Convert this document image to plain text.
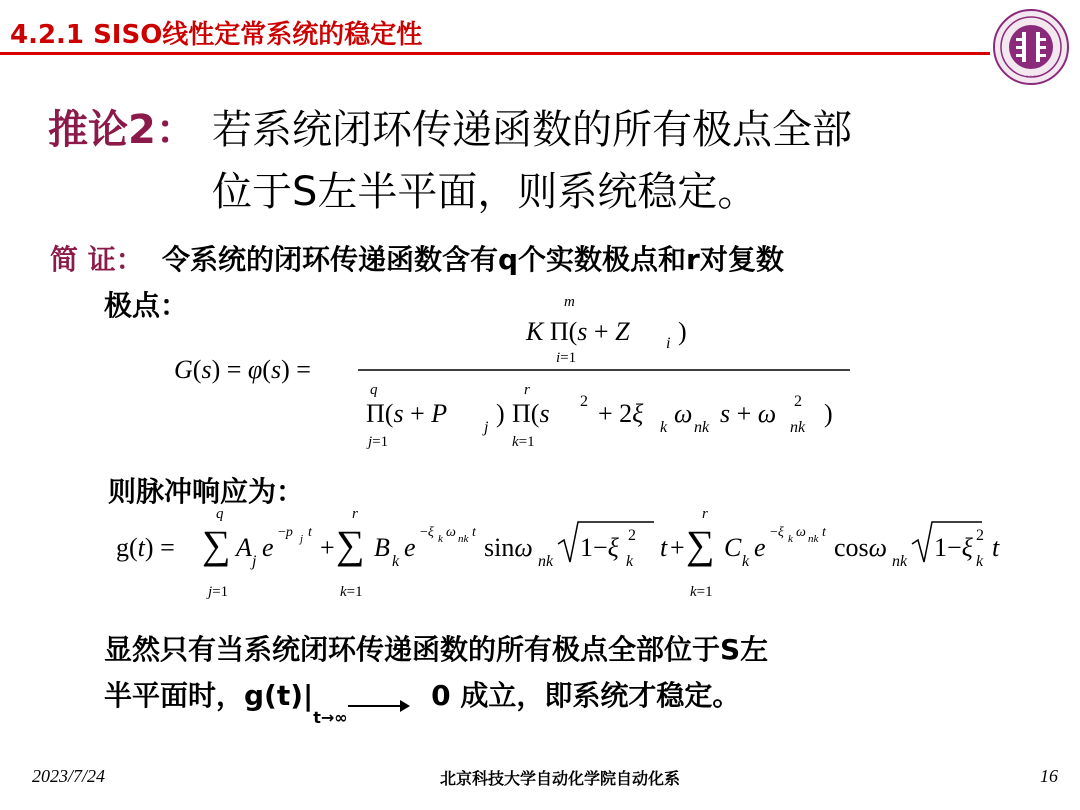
4.2.1 SISO线性定常系统的稳定性
· · · · ·
推论2： 若系统闭环传递函数的所有极点全部
位于S左半平面，则系统稳定。
简 证： 令系统的闭环传递函数含有q个实数极点和r对复数
极点：
G(s) = φ(s) =
m
K Π(s + Z i )
i=1
q
Π(s + P j )
j=1
r
Π(s 2 + 2ξ k ω nk s + ω nk
2 )
k=1
则脉冲响应为：
g(t) =
q
∑
j=1
A j e
−p j t
+
r
∑
k=1
B k e
−ξ k ω nk t
sinω nk 1−ξ k
2 t +
r
∑
k=1
C k e
−ξ k ω nk t
cosω nk 1−ξ k
2 t
显然只有当系统闭环传递函数的所有极点全部位于S左
半平面时，g(t)|
t→∞
0 成立，即系统才稳定。
2023/7/24	北京科技大学自动化学院自动化系	16
